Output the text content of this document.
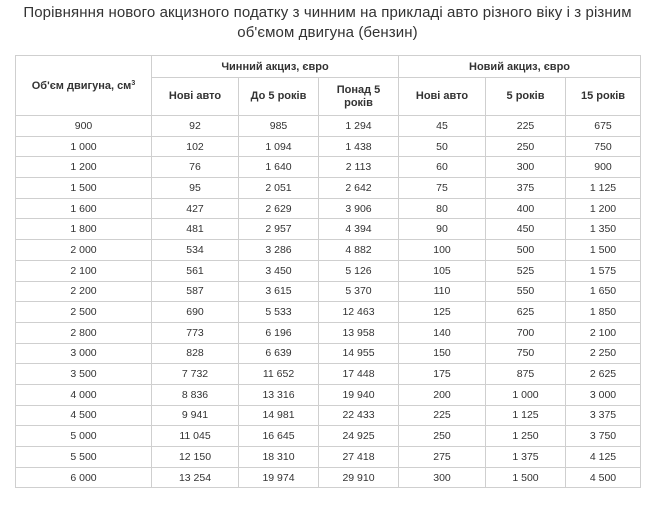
Порівняння нового акцизного податку з чинним на прикладі авто різного віку і з різним
об'ємом двигуна (бензин)
Об'єм двигуна, $см^3$	Чинний акциз, євро			Новий акциз, євро		
	Нові авто	До 5 років	Понад 5 років	Нові авто	5 років	15 років
900	92	985	1 294	45	225	675
1 000	102	1 094	1 438	50	250	750
1 200	76	1 640	2 113	60	300	900
1 500	95	2 051	2 642	75	375	1 125
1 600	427	2 629	3 906	80	400	1 200
1 800	481	2 957	4 394	90	450	1 350
2 000	534	3 286	4 882	100	500	1 500
2 100	561	3 450	5 126	105	525	1 575
2 200	587	3 615	5 370	110	550	1 650
2 500	690	5 533	12 463	125	625	1 850
2 800	773	6 196	13 958	140	700	2 100
3 000	828	6 639	14 955	150	750	2 250
3 500	7 732	11 652	17 448	175	875	2 625
4 000	8 836	13 316	19 940	200	1 000	3 000
4 500	9 941	14 981	22 433	225	1 125	3 375
5 000	11 045	16 645	24 925	250	1 250	3 750
5 500	12 150	18 310	27 418	275	1 375	4 125
6 000	13 254	19 974	29 910	300	1 500	4 500
